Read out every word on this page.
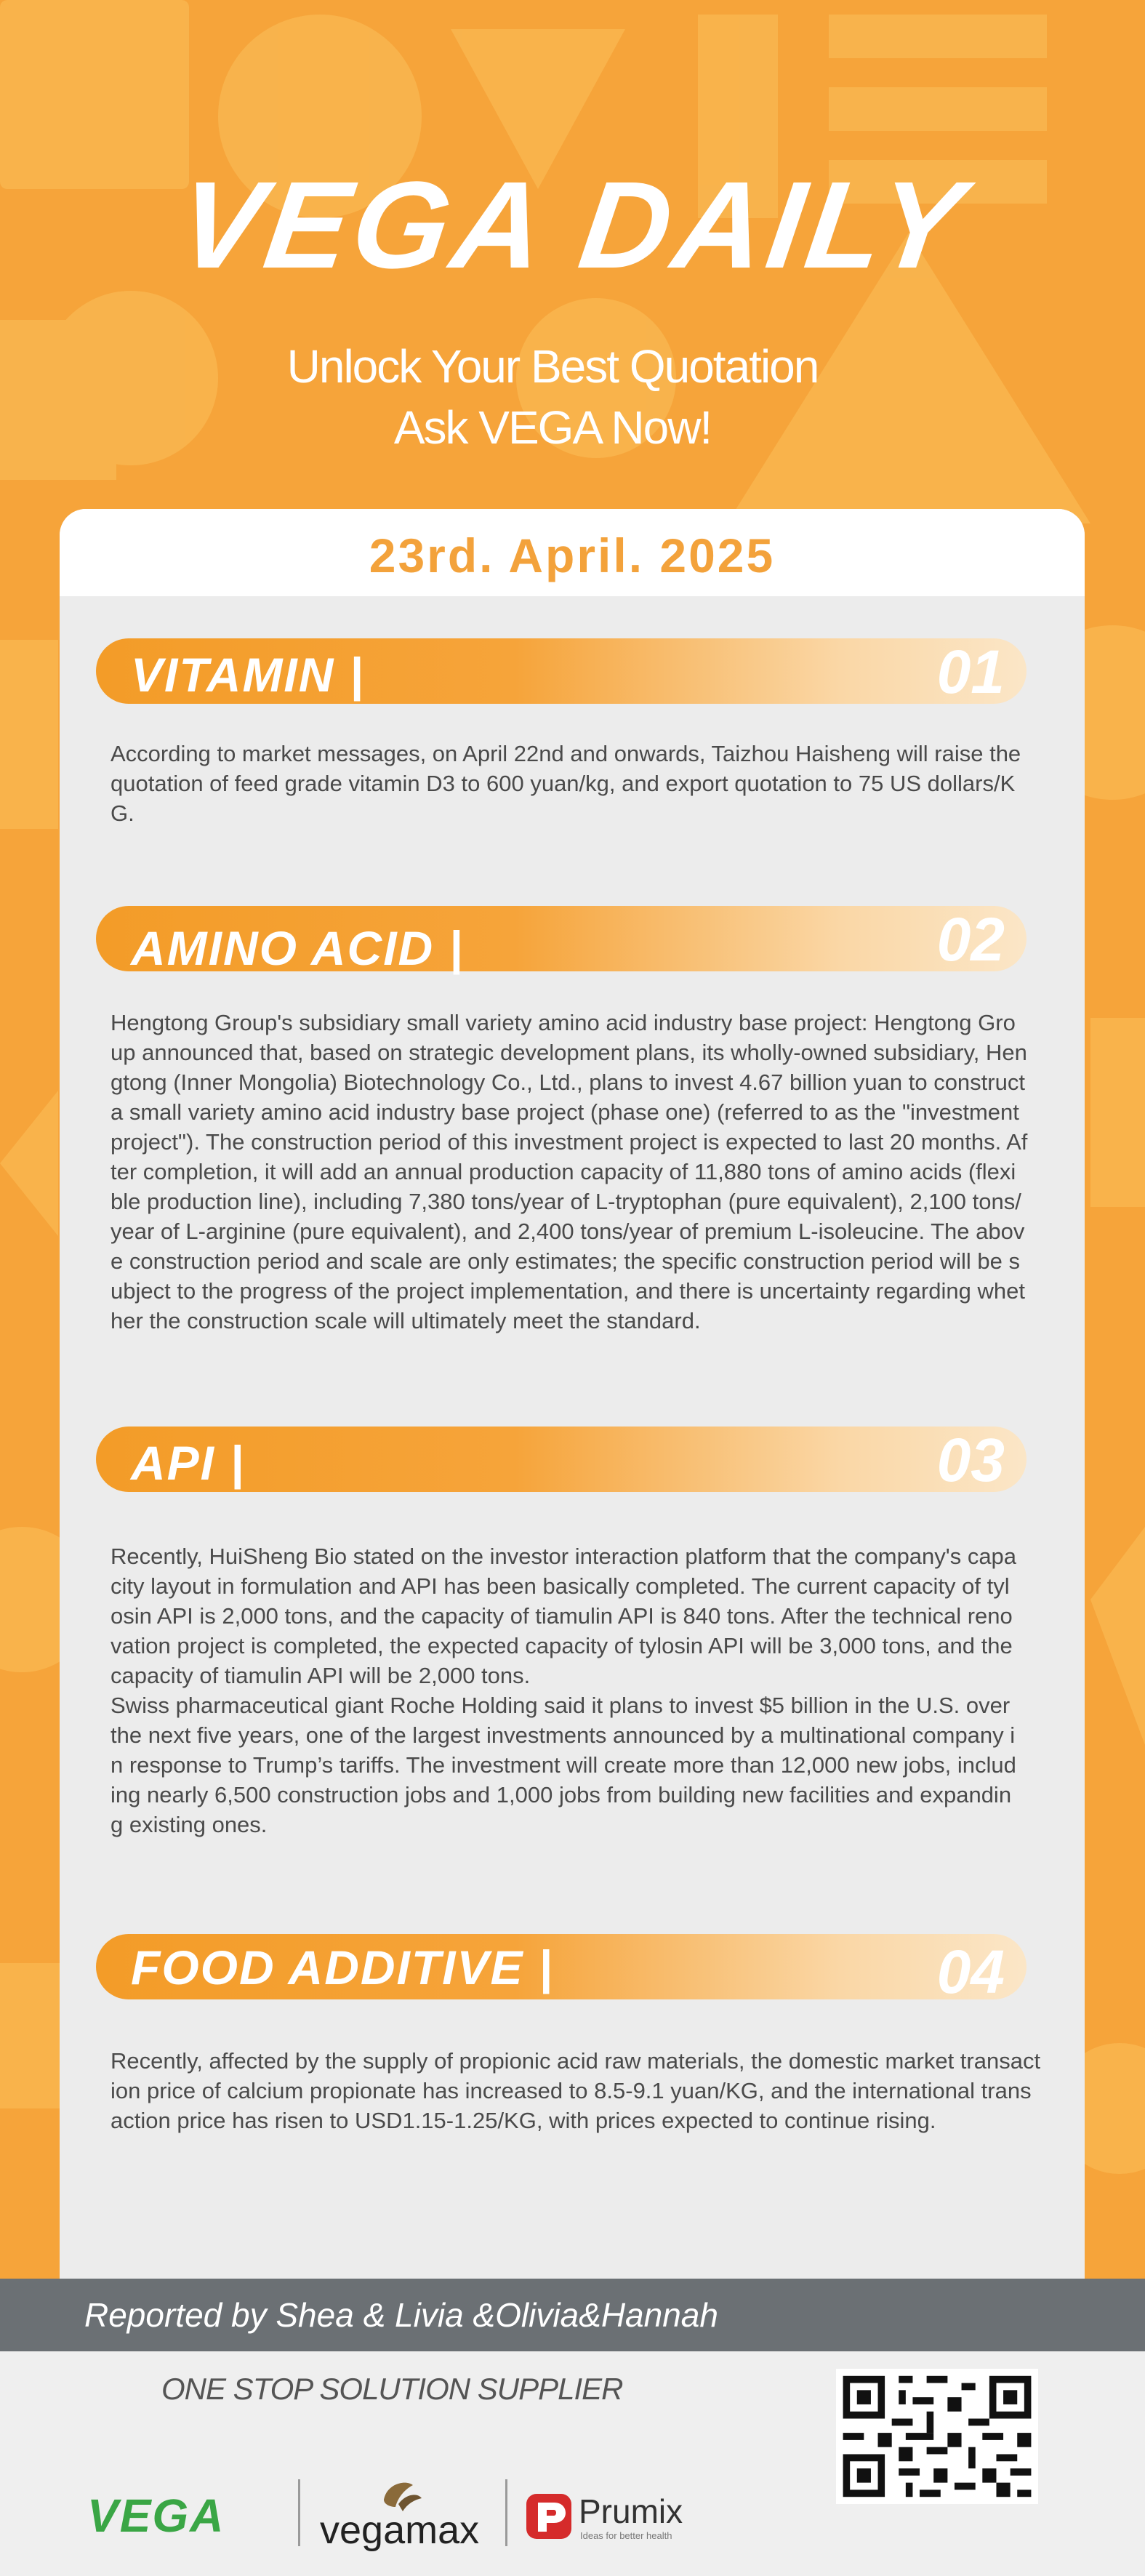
VEGA DAILY
Unlock Your Best Quotation
Ask VEGA Now!
23rd. April. 2025
VITAMIN |	01

According to market messages, on April 22nd and onwards, Taizhou Haisheng will raise the quotation of feed grade vitamin D3 to 600 yuan/kg, and export quotation to 75 US dollars/KG.

AMINO ACID |	02

Hengtong Group's subsidiary small variety amino acid industry base project: Hengtong Group announced that, based on strategic development plans, its wholly-owned subsidiary, Hengtong (Inner Mongolia) Biotechnology Co., Ltd., plans to invest 4.67 billion yuan to construct a small variety amino acid industry base project (phase one) (referred to as the "investment project"). The construction period of this investment project is expected to last 20 months. After completion, it will add an annual production capacity of 11,880 tons of amino acids (flexible production line), including 7,380 tons/year of L-tryptophan (pure equivalent), 2,100 tons/year of L-arginine (pure equivalent), and 2,400 tons/year of premium L-isoleucine. The above construction period and scale are only estimates; the specific construction period will be subject to the progress of the project implementation, and there is uncertainty regarding whether the construction scale will ultimately meet the standard.

API |	03

Recently, HuiSheng Bio stated on the investor interaction platform that the company's capacity layout in formulation and API has been basically completed. The current capacity of tylosin API is 2,000 tons, and the capacity of tiamulin API is 840 tons. After the technical renovation project is completed, the expected capacity of tylosin API will be 3,000 tons, and the capacity of tiamulin API will be 2,000 tons.

Swiss pharmaceutical giant Roche Holding said it plans to invest $5 billion in the U.S. over the next five years, one of the largest investments announced by a multinational company in response to Trump’s tariffs. The investment will create more than 12,000 new jobs, including nearly 6,500 construction jobs and 1,000 jobs from building new facilities and expanding existing ones.

FOOD ADDITIVE |	04

Recently, affected by the supply of propionic acid raw materials, the domestic market transaction price of calcium propionate has increased to 8.5-9.1 yuan/KG, and the international transaction price has risen to USD1.15-1.25/KG, with prices expected to continue rising.

Reported by Shea & Livia &Olivia&Hannah
ONE STOP SOLUTION SUPPLIER
VEGA vegamax	Prumix
Ideas for better health
